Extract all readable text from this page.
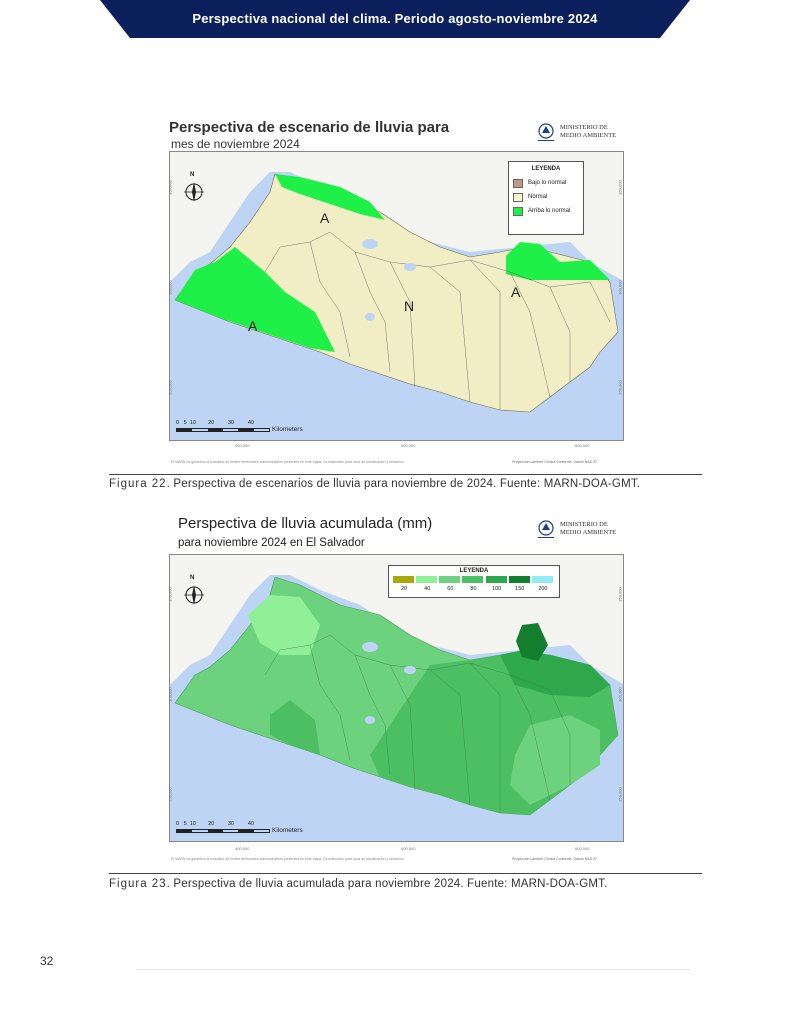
Perspectiva nacional del clima. Periodo agosto-noviembre 2024
Perspectiva de escenario de lluvia para
mes de noviembre 2024
MINISTERIO DE
MEDIO AMBIENTE
A
A
N
A
N
LEYENDA
Bajo lo normal
Normal
Arriba lo normal
0   5  10        20         30         40
Kilometers
400,000	500,000	600,000
350,000
300,000
250,000
350,000
300,000
250,000
El MARN no garantiza la exactitud de límites territoriales administrativos presentes en este mapa. Es elaborado para usos de planificación y ubicación.	Proyección:Lambert Cónica Conforme. Datum NAD 27
Figura 22. Perspectiva de escenarios de lluvia para noviembre de 2024. Fuente: MARN-DOA-GMT.
Perspectiva de lluvia acumulada (mm)
para noviembre 2024 en El Salvador
MINISTERIO DE
MEDIO AMBIENTE
N
LEYENDA
20	40	60	80	100	150	200
0   5  10        20         30         40
Kilometers
400,000	500,000	600,000
350,000
300,000
250,000
350,000
300,000
250,000
El MARN no garantiza la exactitud de límites territoriales administrativos presentes en este mapa. Es elaborado para usos de planificación y ubicación.	Proyección:Lambert Cónica Conforme. Datum NAD 27
Figura 23. Perspectiva de lluvia acumulada para noviembre 2024. Fuente: MARN-DOA-GMT.
32
